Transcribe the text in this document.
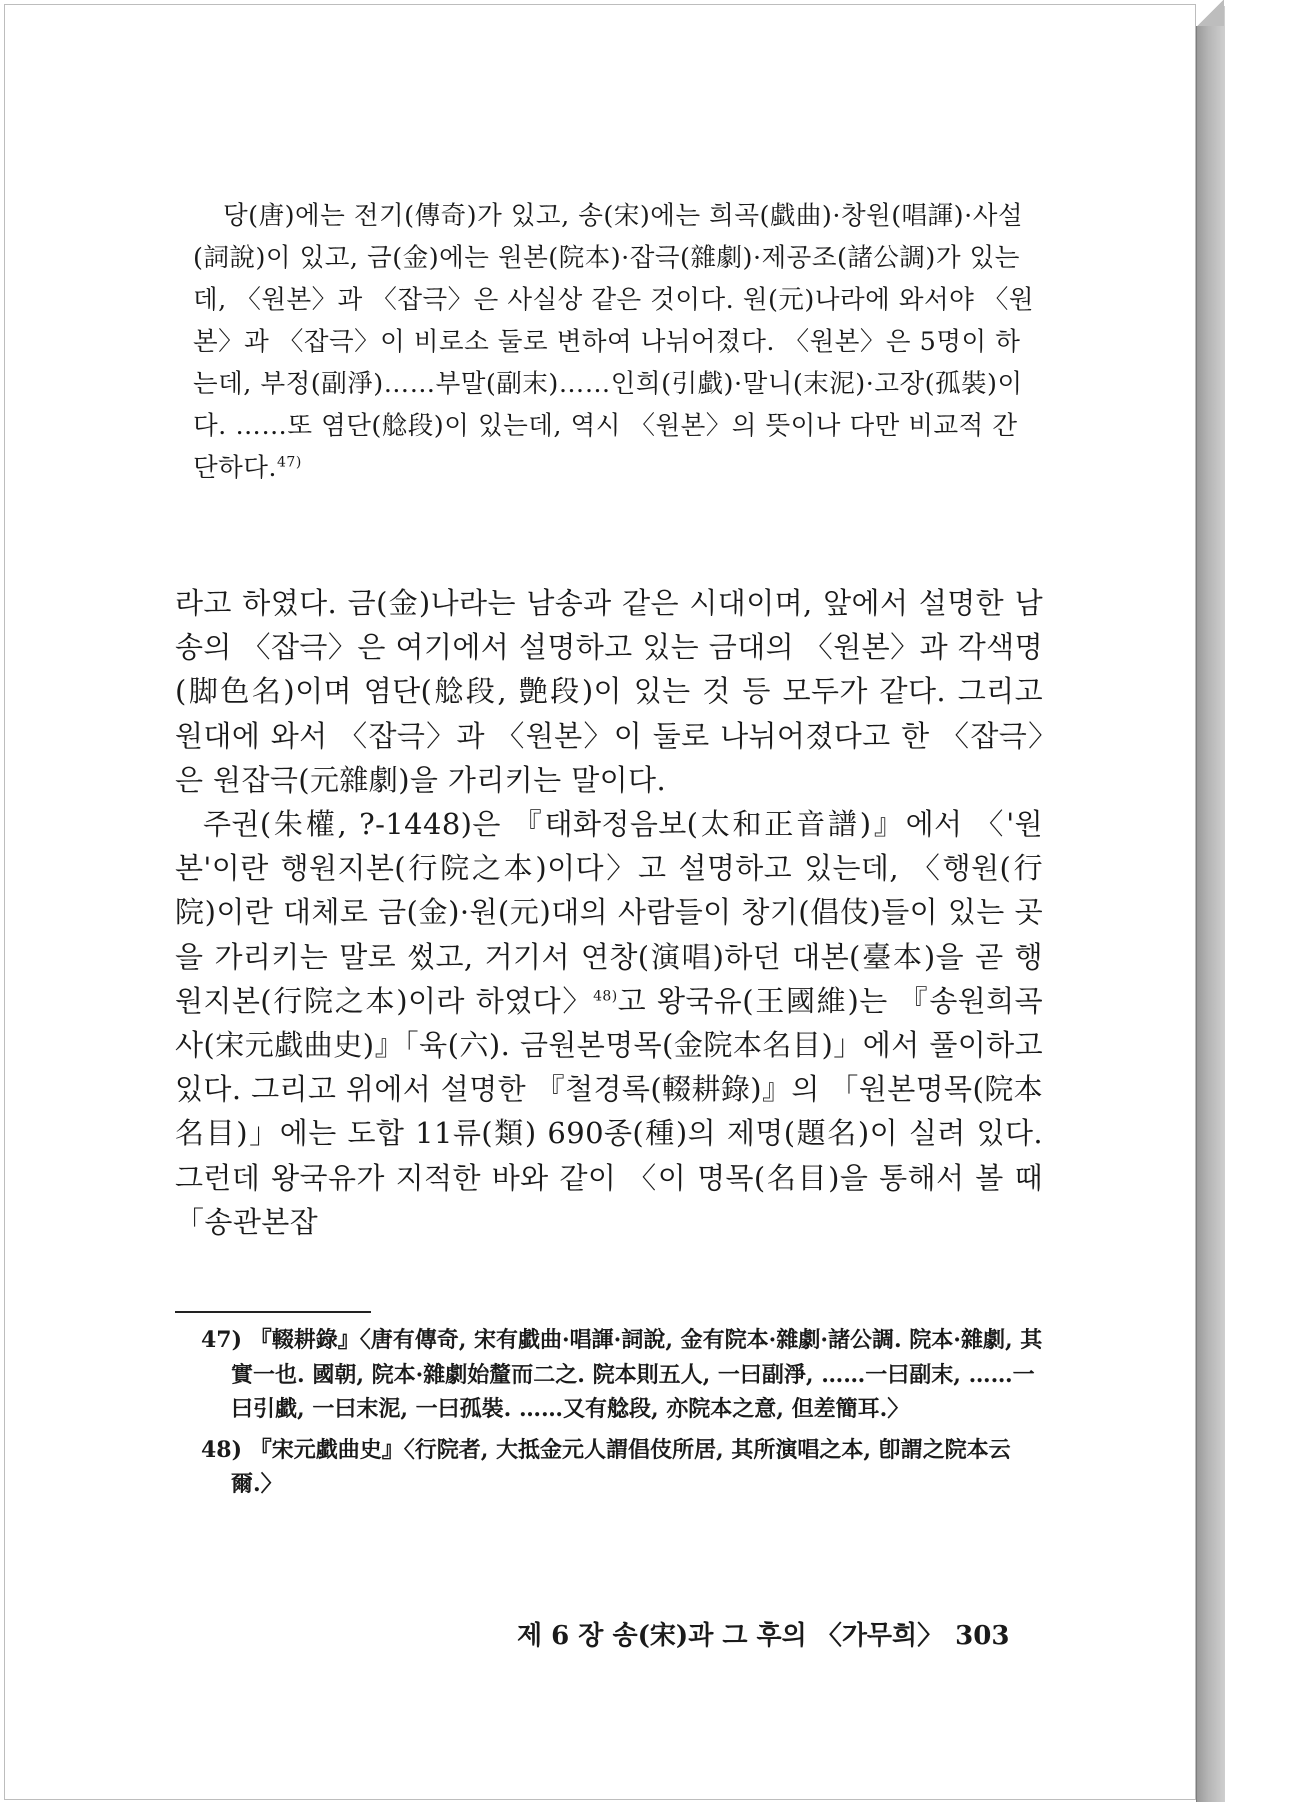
당(唐)에는 전기(傳奇)가 있고, 송(宋)에는 희곡(戱曲)·창원(唱諢)·사설(詞說)이 있고, 금(金)에는 원본(院本)·잡극(雜劇)·제공조(諸公調)가 있는데, 〈원본〉과 〈잡극〉은 사실상 같은 것이다. 원(元)나라에 와서야 〈원본〉과 〈잡극〉이 비로소 둘로 변하여 나뉘어졌다. 〈원본〉은 5명이 하는데, 부정(副淨)……부말(副末)……인희(引戱)·말니(末泥)·고장(孤裝)이다. ……또 염단(艌段)이 있는데, 역시 〈원본〉의 뜻이나 다만 비교적 간단하다.$^{47)}$

라고 하였다. 금(金)나라는 남송과 같은 시대이며, 앞에서 설명한 남송의 〈잡극〉은 여기에서 설명하고 있는 금대의 〈원본〉과 각색명(脚色名)이며 염단(艌段, 艶段)이 있는 것 등 모두가 같다. 그리고 원대에 와서 〈잡극〉과 〈원본〉이 둘로 나뉘어졌다고 한 〈잡극〉은 원잡극(元雜劇)을 가리키는 말이다.

주권(朱權, ?-1448)은 『태화정음보(太和正音譜)』에서 〈'원본'이란 행원지본(行院之本)이다〉고 설명하고 있는데, 〈행원(行院)이란 대체로 금(金)·원(元)대의 사람들이 창기(倡伎)들이 있는 곳을 가리키는 말로 썼고, 거기서 연창(演唱)하던 대본(臺本)을 곧 행원지본(行院之本)이라 하였다〉$^{48)}$고 왕국유(王國維)는 『송원희곡사(宋元戱曲史)』「육(六). 금원본명목(金院本名目)」에서 풀이하고 있다. 그리고 위에서 설명한 『철경록(輟耕錄)』의 「원본명목(院本名目)」에는 도합 11류(類) 690종(種)의 제명(題名)이 실려 있다. 그런데 왕국유가 지적한 바와 같이 〈이 명목(名目)을 통해서 볼 때 「송관본잡

47) 『輟耕錄』〈唐有傳奇, 宋有戱曲·唱諢·詞說, 金有院本·雜劇·諸公調. 院本·雜劇, 其實一也. 國朝, 院本·雜劇始釐而二之. 院本則五人, 一曰副淨, ……一曰副末, ……一曰引戱, 一曰末泥, 一曰孤裝. ……又有艌段, 亦院本之意, 但差簡耳.〉

48) 『宋元戱曲史』〈行院者, 大抵金元人謂倡伎所居, 其所演唱之本, 卽謂之院本云爾.〉

제 6 장 송(宋)과 그 후의 〈가무희〉 303
